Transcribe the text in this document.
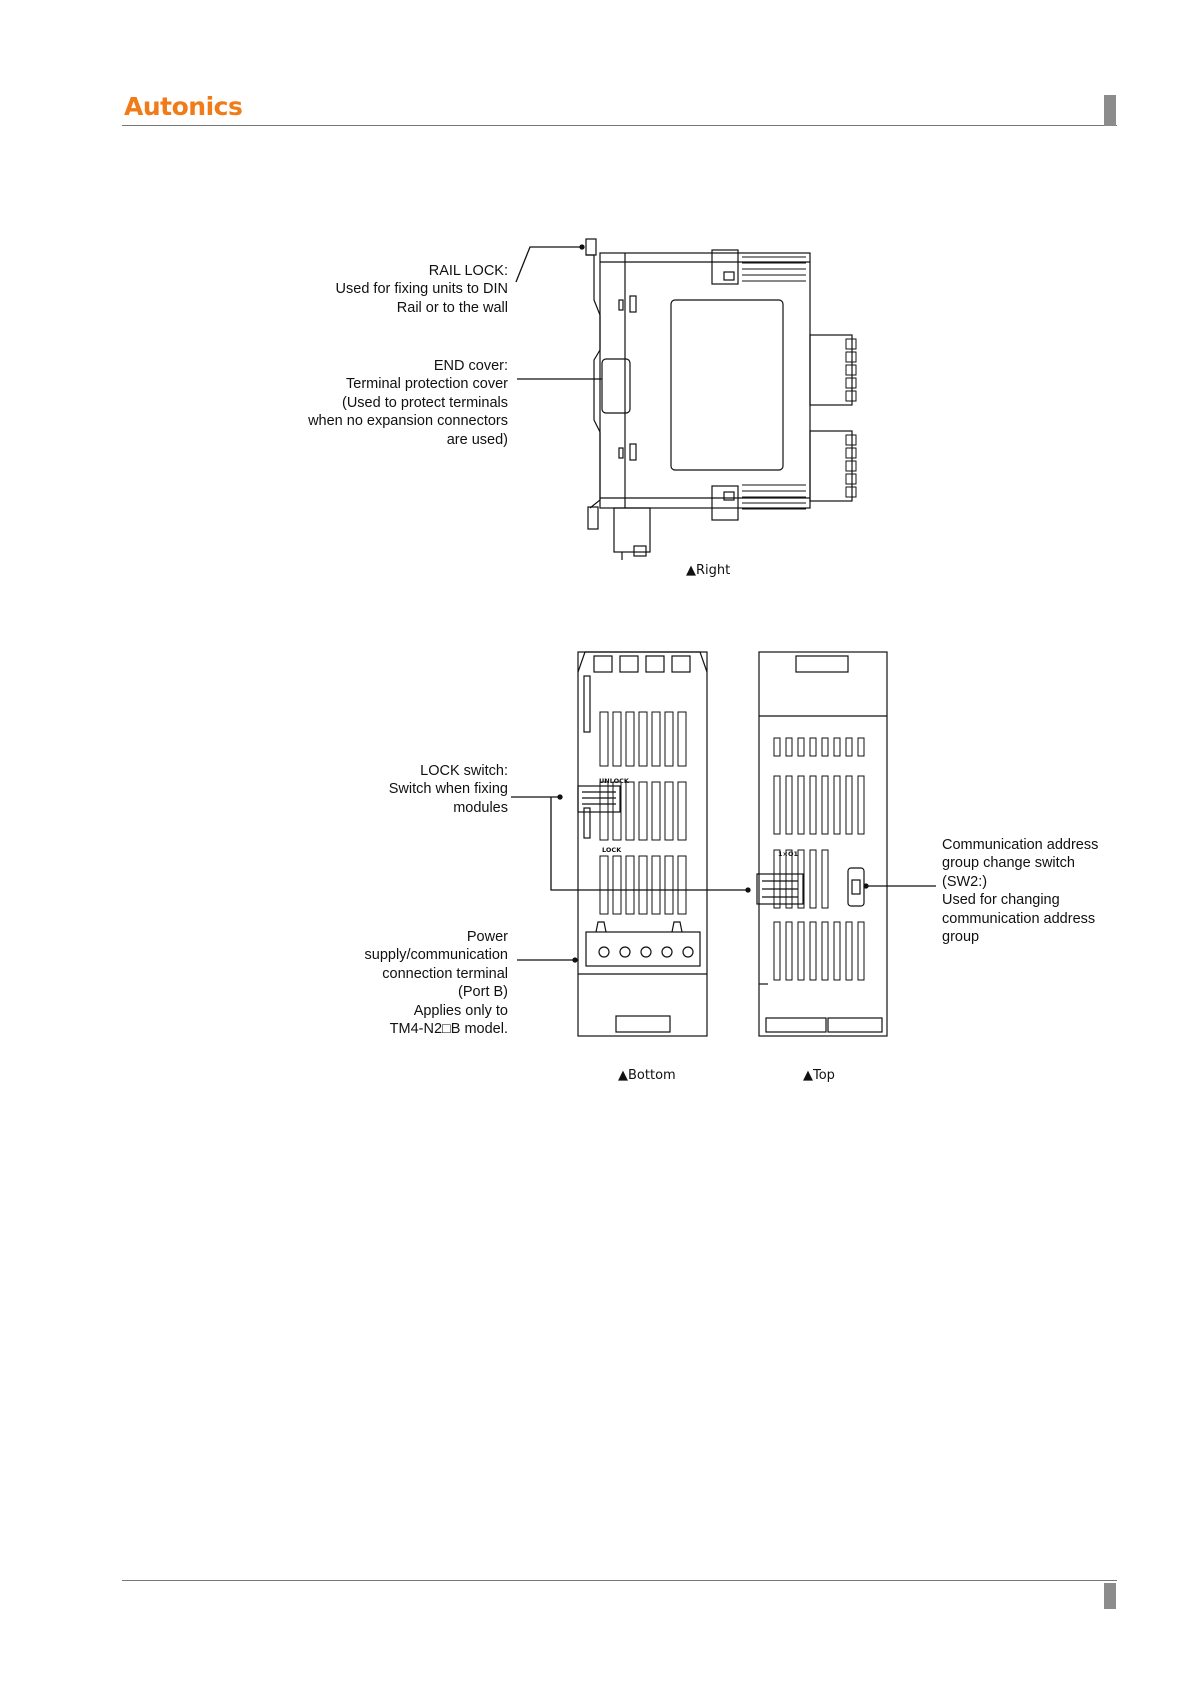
Autonics
RAIL LOCK:
Used for fixing units to DIN
Rail or to the wall
END cover:
Terminal protection cover
(Used to protect terminals
when no expansion connectors
are used)
LOCK switch:
Switch when fixing
modules
Power
supply/communication
connection terminal
(Port B)
Applies only to
TM4-N2□B model.
Communication address
group change switch
(SW2:)
Used for changing
communication address
group
▲Right
▲Bottom	▲Top
UNLOCK
LOCK	1×O1
